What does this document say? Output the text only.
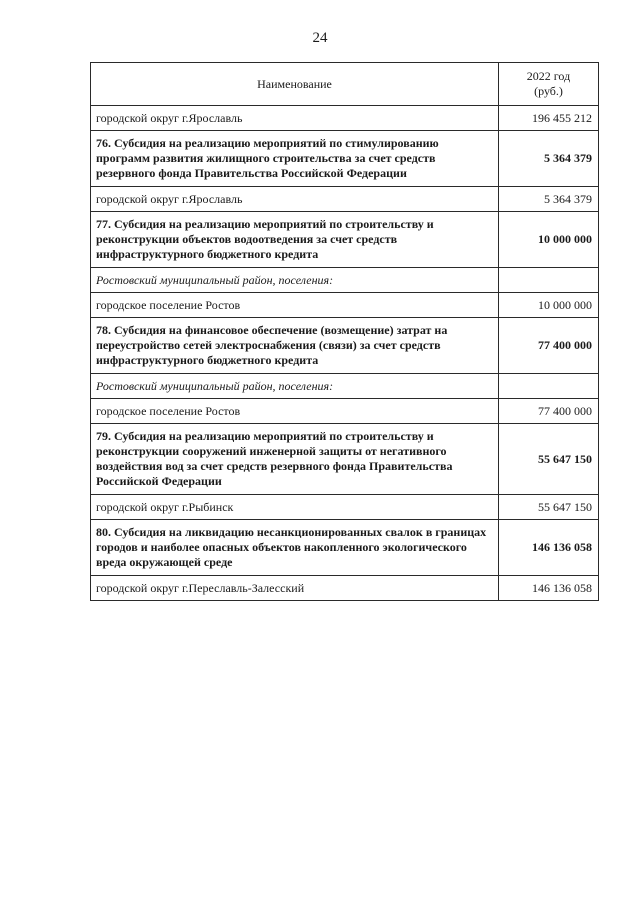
24
Наименование	2022 год
(руб.)

городской округ г.Ярославль	196 455 212
76. Субсидия на реализацию мероприятий по стимулированию программ развития жилищного строительства за счет средств резервного фонда Правительства Российской Федерации	5 364 379
городской округ г.Ярославль	5 364 379
77. Субсидия на реализацию мероприятий по строительству и реконструкции объектов водоотведения за счет средств инфраструктурного бюджетного кредита	10 000 000
Ростовский муниципальный район, поселения:	
городское поселение Ростов	10 000 000
78. Субсидия на финансовое обеспечение (возмещение) затрат на переустройство сетей электроснабжения (связи) за счет средств инфраструктурного бюджетного кредита	77 400 000
Ростовский муниципальный район, поселения:	
городское поселение Ростов	77 400 000
79. Субсидия на реализацию мероприятий по строительству и реконструкции сооружений инженерной защиты от негативного воздействия вод за счет средств резервного фонда Правительства Российской Федерации	55 647 150
городской округ г.Рыбинск	55 647 150
80. Субсидия на ликвидацию несанкционированных свалок в границах городов и наиболее опасных объектов накопленного экологического вреда окружающей среде	146 136 058
городской округ г.Переславль-Залесский	146 136 058
